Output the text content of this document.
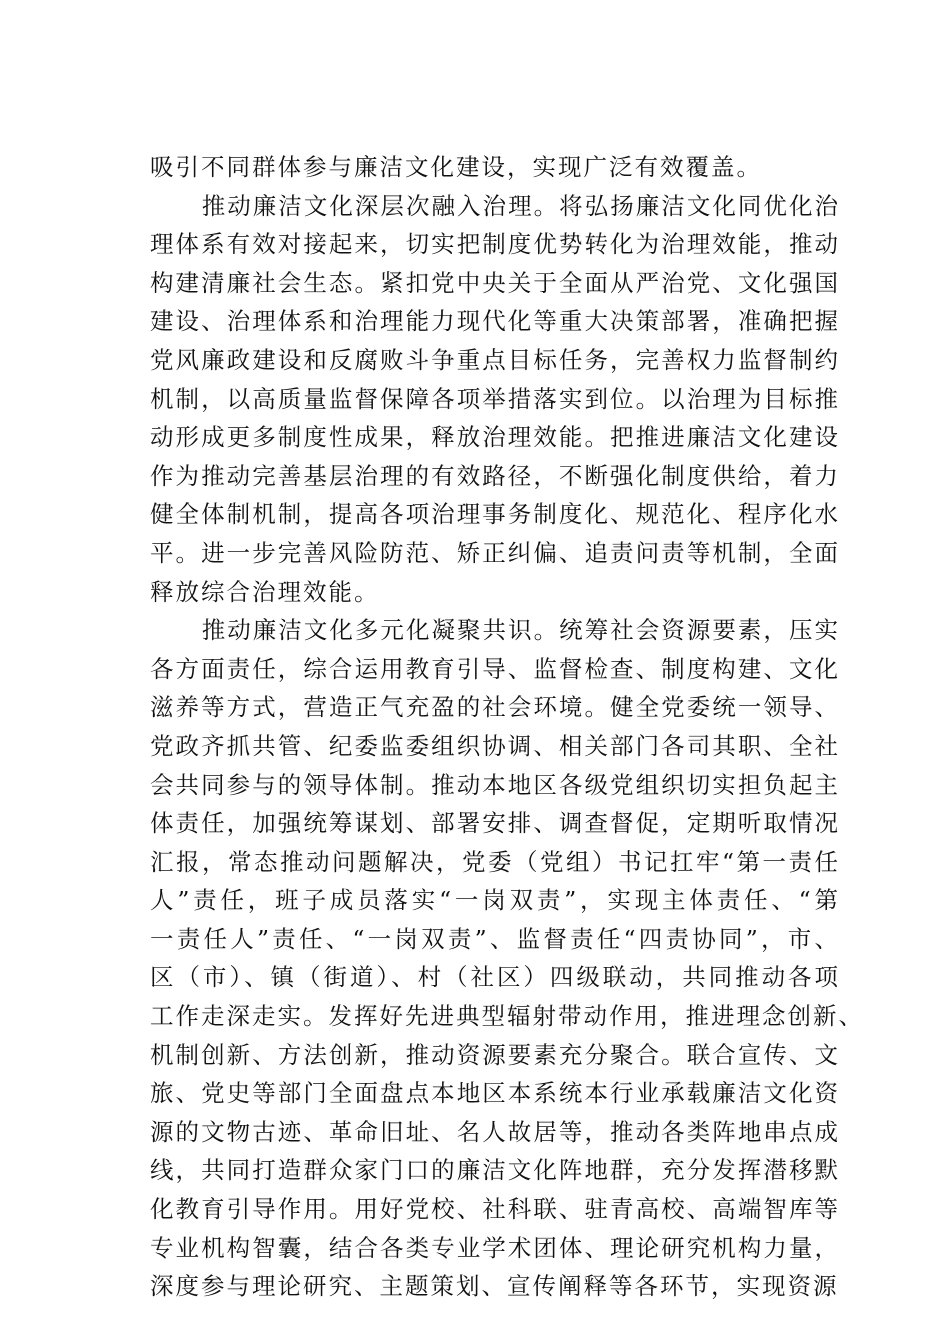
吸引不同群体参与廉洁文化建设，实现广泛有效覆盖。
推动廉洁文化深层次融入治理。将弘扬廉洁文化同优化治
理体系有效对接起来，切实把制度优势转化为治理效能，推动
构建清廉社会生态。紧扣党中央关于全面从严治党、文化强国
建设、治理体系和治理能力现代化等重大决策部署，准确把握
党风廉政建设和反腐败斗争重点目标任务，完善权力监督制约
机制，以高质量监督保障各项举措落实到位。以治理为目标推
动形成更多制度性成果，释放治理效能。把推进廉洁文化建设
作为推动完善基层治理的有效路径，不断强化制度供给，着力
健全体制机制，提高各项治理事务制度化、规范化、程序化水
平。进一步完善风险防范、矫正纠偏、追责问责等机制，全面
释放综合治理效能。
推动廉洁文化多元化凝聚共识。统筹社会资源要素，压实
各方面责任，综合运用教育引导、监督检查、制度构建、文化
滋养等方式，营造正气充盈的社会环境。健全党委统一领导、
党政齐抓共管、纪委监委组织协调、相关部门各司其职、全社
会共同参与的领导体制。推动本地区各级党组织切实担负起主
体责任，加强统筹谋划、部署安排、调查督促，定期听取情况
汇报，常态推动问题解决，党委（党组）书记扛牢“第一责任
人”责任，班子成员落实“一岗双责”，实现主体责任、“第
一责任人”责任、“一岗双责”、监督责任“四责协同”，市、
区（市）、镇（街道）、村（社区）四级联动，共同推动各项
工作走深走实。发挥好先进典型辐射带动作用，推进理念创新、
机制创新、方法创新，推动资源要素充分聚合。联合宣传、文
旅、党史等部门全面盘点本地区本系统本行业承载廉洁文化资
源的文物古迹、革命旧址、名人故居等，推动各类阵地串点成
线，共同打造群众家门口的廉洁文化阵地群，充分发挥潜移默
化教育引导作用。用好党校、社科联、驻青高校、高端智库等
专业机构智囊，结合各类专业学术团体、理论研究机构力量，
深度参与理论研究、主题策划、宣传阐释等各环节，实现资源
